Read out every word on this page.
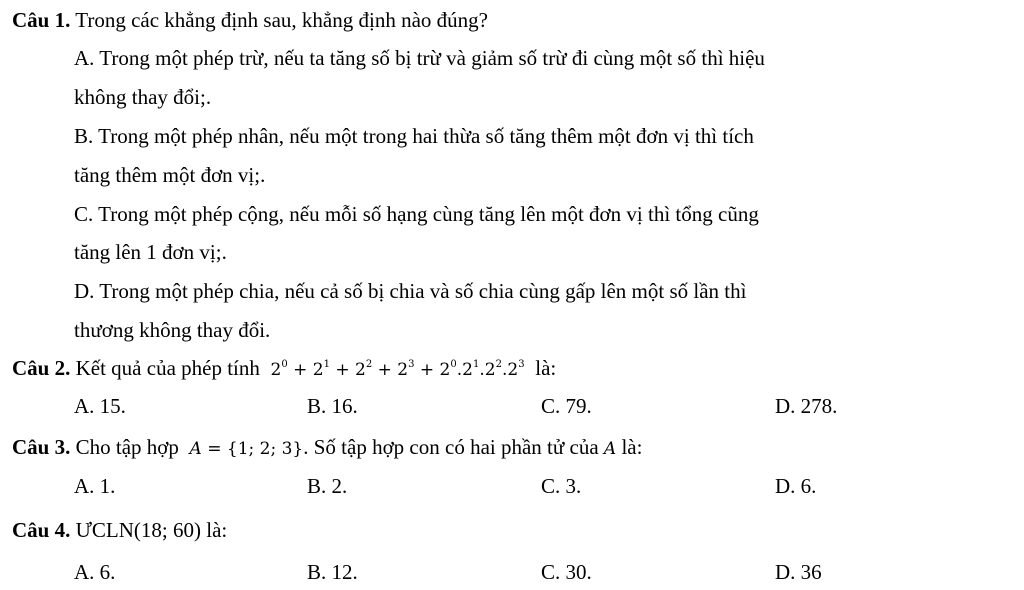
Câu 1. Trong các khẳng định sau, khẳng định nào đúng?
A. Trong một phép trừ, nếu ta tăng số bị trừ và giảm số trừ đi cùng một số thì hiệu
không thay đổi;.
B. Trong một phép nhân, nếu một trong hai thừa số tăng thêm một đơn vị thì tích
tăng thêm một đơn vị;.
C. Trong một phép cộng, nếu mỗi số hạng cùng tăng lên một đơn vị thì tổng cũng
tăng lên 1 đơn vị;.
D. Trong một phép chia, nếu cả số bị chia và số chia cùng gấp lên một số lần thì
thương không thay đổi.
Câu 2. Kết quả của phép tính  $2^0 + 2^1 + 2^2 + 2^3 + 2^0.2^1.2^2.2^3$ là:
A. 15.	B. 16.	C. 79.	D. 278.
Câu 3. Cho tập hợp A = {1; 2; 3}. Số tập hợp con có hai phần tử của A là:
A. 1.	B. 2.	C. 3.	D. 6.
Câu 4. ƯCLN(18; 60) là:
A. 6.	B. 12.	C. 30.	D. 36
